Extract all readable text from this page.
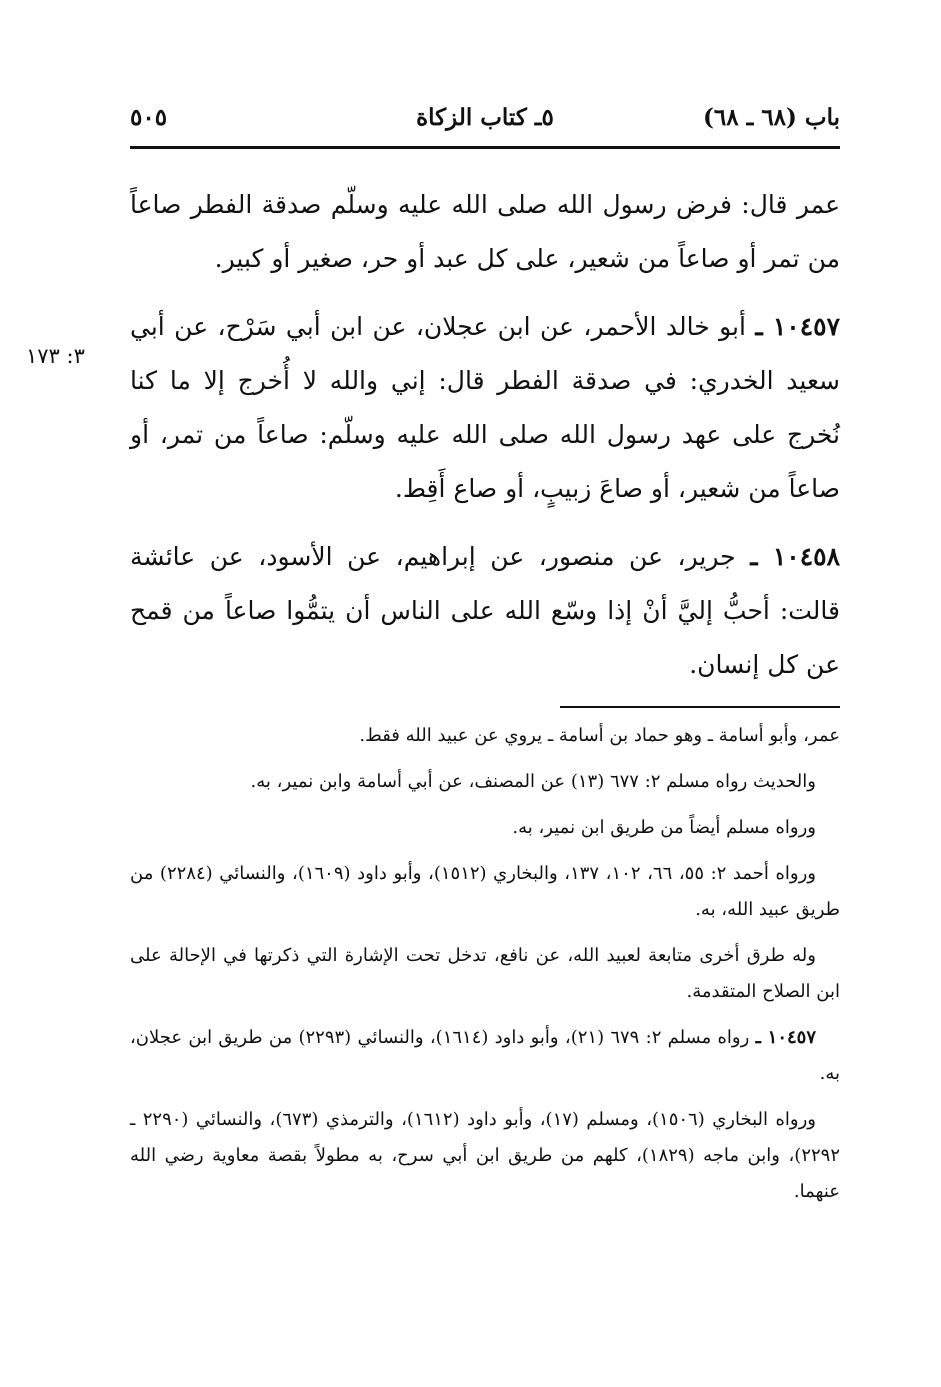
باب (٦٨ ـ ٦٨)
٥ـ كتاب الزكاة
٥٠٥

عمر قال: فرض رسول الله صلى الله عليه وسلّم صدقة الفطر صاعاً من تمر أو صاعاً من شعير، على كل عبد أو حر، صغير أو كبير.

١٠٤٥٧ ـ أبو خالد الأحمر، عن ابن عجلان، عن ابن أبي سَرْح، عن أبي سعيد الخدري: في صدقة الفطر قال: إني والله لا أُخرج إلا ما كنا نُخرج على عهد رسول الله صلى الله عليه وسلّم: صاعاً من تمر، أو صاعاً من شعير، أو صاعَ زبيبٍ، أو صاع أَقِط.

١٠٤٥٨ ـ جرير، عن منصور، عن إبراهيم، عن الأسود، عن عائشة قالت: أحبُّ إليَّ أنْ إذا وسّع الله على الناس أن يتمُّوا صاعاً من قمح عن كل إنسان.

٣: ١٧٣

عمر، وأبو أسامة ـ وهو حماد بن أسامة ـ يروي عن عبيد الله فقط.

والحديث رواه مسلم ٢: ٦٧٧ (١٣) عن المصنف، عن أبي أسامة وابن نمير، به.

ورواه مسلم أيضاً من طريق ابن نمير، به.

ورواه أحمد ٢: ٥٥، ٦٦، ١٠٢، ١٣٧، والبخاري (١٥١٢)، وأبو داود (١٦٠٩)، والنسائي (٢٢٨٤) من طريق عبيد الله، به.

وله طرق أخرى متابعة لعبيد الله، عن نافع، تدخل تحت الإشارة التي ذكرتها في الإحالة على ابن الصلاح المتقدمة.

١٠٤٥٧ ـ رواه مسلم ٢: ٦٧٩ (٢١)، وأبو داود (١٦١٤)، والنسائي (٢٢٩٣) من طريق ابن عجلان، به.

ورواه البخاري (١٥٠٦)، ومسلم (١٧)، وأبو داود (١٦١٢)، والترمذي (٦٧٣)، والنسائي (٢٢٩٠ ـ ٢٢٩٢)، وابن ماجه (١٨٢٩)، كلهم من طريق ابن أبي سرح، به مطولاً بقصة معاوية رضي الله عنهما.
